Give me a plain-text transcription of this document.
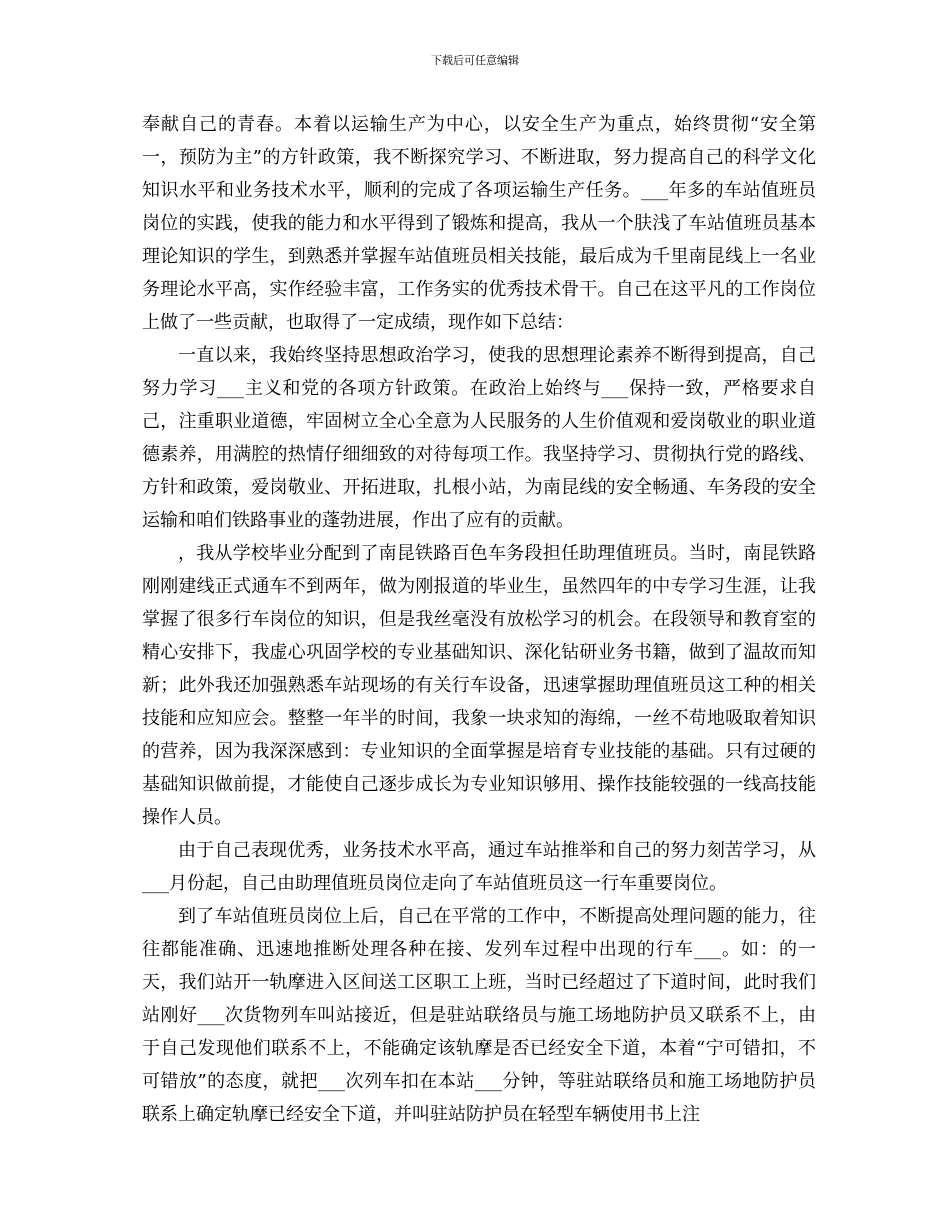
下载后可任意编辑

奉献自己的青春。本着以运输生产为中心，以安全生产为重点，始终贯彻“安全第一，预防为主”的方针政策，我不断探究学习、不断进取，努力提高自己的科学文化知识水平和业务技术水平，顺利的完成了各项运输生产任务。___年多的车站值班员岗位的实践，使我的能力和水平得到了锻炼和提高，我从一个肤浅了车站值班员基本理论知识的学生，到熟悉并掌握车站值班员相关技能，最后成为千里南昆线上一名业务理论水平高，实作经验丰富，工作务实的优秀技术骨干。自己在这平凡的工作岗位上做了一些贡献，也取得了一定成绩，现作如下总结：

一直以来，我始终坚持思想政治学习，使我的思想理论素养不断得到提高，自己努力学习___主义和党的各项方针政策。在政治上始终与___保持一致，严格要求自己，注重职业道德，牢固树立全心全意为人民服务的人生价值观和爱岗敬业的职业道德素养，用满腔的热情仔细细致的对待每项工作。我坚持学习、贯彻执行党的路线、方针和政策，爱岗敬业、开拓进取，扎根小站，为南昆线的安全畅通、车务段的安全运输和咱们铁路事业的蓬勃进展，作出了应有的贡献。

，我从学校毕业分配到了南昆铁路百色车务段担任助理值班员。当时，南昆铁路刚刚建线正式通车不到两年，做为刚报道的毕业生，虽然四年的中专学习生涯，让我掌握了很多行车岗位的知识，但是我丝毫没有放松学习的机会。在段领导和教育室的精心安排下，我虚心巩固学校的专业基础知识、深化钻研业务书籍，做到了温故而知新；此外我还加强熟悉车站现场的有关行车设备，迅速掌握助理值班员这工种的相关技能和应知应会。整整一年半的时间，我象一块求知的海绵，一丝不苟地吸取着知识的营养，因为我深深感到：专业知识的全面掌握是培育专业技能的基础。只有过硬的基础知识做前提，才能使自己逐步成长为专业知识够用、操作技能较强的一线高技能操作人员。

由于自己表现优秀，业务技术水平高，通过车站推举和自己的努力刻苦学习，从___月份起，自己由助理值班员岗位走向了车站值班员这一行车重要岗位。

到了车站值班员岗位上后，自己在平常的工作中，不断提高处理问题的能力，往往都能准确、迅速地推断处理各种在接、发列车过程中出现的行车___。如：的一天，我们站开一轨摩进入区间送工区职工上班，当时已经超过了下道时间，此时我们站刚好___次货物列车叫站接近，但是驻站联络员与施工场地防护员又联系不上，由于自己发现他们联系不上，不能确定该轨摩是否已经安全下道，本着“宁可错扣，不可错放”的态度，就把___次列车扣在本站___分钟，等驻站联络员和施工场地防护员联系上确定轨摩已经安全下道，并叫驻站防护员在轻型车辆使用书上注
